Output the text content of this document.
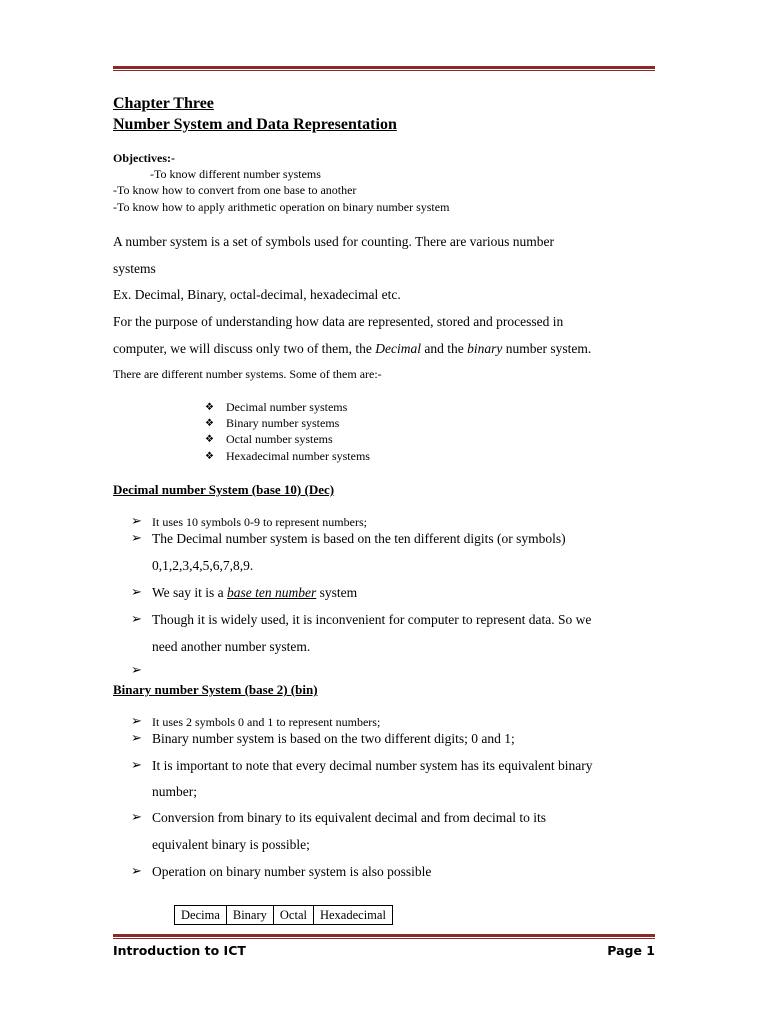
Chapter Three
Number System and Data Representation
Objectives:-
-To know different number systems
-To know how to convert from one base to another
-To know how to apply arithmetic operation on binary number system
A number system is a set of symbols used for counting. There are various number
systems
Ex. Decimal, Binary, octal-decimal, hexadecimal etc.
For the purpose of understanding how data are represented, stored and processed in
computer, we will discuss only two of them, the Decimal and the binary number system.
There are different number systems. Some of them are:-
❖ Decimal number systems
❖ Binary number systems
❖ Octal number systems
❖ Hexadecimal number systems
Decimal number System (base 10) (Dec)
➢ It uses 10 symbols 0-9 to represent numbers;
➢ The Decimal number system is based on the ten different digits (or symbols)
0,1,2,3,4,5,6,7,8,9.
➢ We say it is a base ten number system
➢ Though it is widely used, it is inconvenient for computer to represent data. So we
need another number system.
➢
Binary number System (base 2) (bin)
➢ It uses 2 symbols 0 and 1 to represent numbers;
➢ Binary number system is based on the two different digits; 0 and 1;
➢ It is important to note that every decimal number system has its equivalent binary
number;
➢ Conversion from binary to its equivalent decimal and from decimal to its
equivalent binary is possible;
➢ Operation on binary number system is also possible
Decima	Binary	Octal	Hexadecimal
Introduction to ICT	Page 1
